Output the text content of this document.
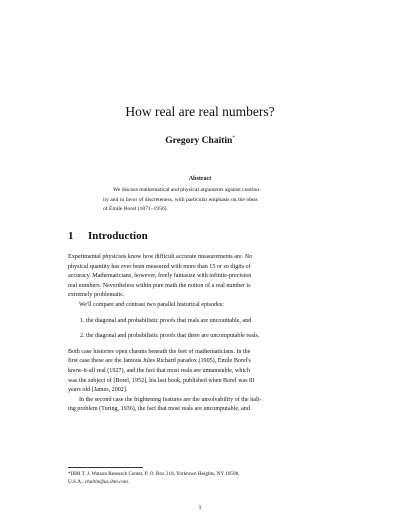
How real are real numbers?
Gregory Chaitin*
Abstract
We discuss mathematical and physical arguments against continu-
ity and in favor of discreteness, with particular emphasis on the ideas
of Émile Borel (1871–1956).
1 Introduction
Experimental physicists know how difficult accurate measurements are. No
physical quantity has ever been measured with more than 15 or so digits of
accuracy. Mathematicians, however, freely fantasize with infinite-precision
real numbers. Nevertheless within pure math the notion of a real number is
extremely problematic.
We'll compare and contrast two parallel historical episodes:
1. the diagonal and probabilistic proofs that reals are uncountable, and
2. the diagonal and probabilistic proofs that there are uncomputable reals.
Both case histories open chasms beneath the feet of mathematicians. In the
first case these are the famous Jules Richard paradox (1905), Émile Borel's
know-it-all real (1927), and the fact that most reals are unnameable, which
was the subject of [Borel, 1952], his last book, published when Borel was 81
years old [James, 2002].
In the second case the frightening features are the unsolvability of the halt-
ing problem (Turing, 1936), the fact that most reals are uncomputable, and
*IBM T. J. Watson Research Center, P. O. Box 218, Yorktown Heights, NY 10598,
U.S.A., chaitin@us.ibm.com.
1
